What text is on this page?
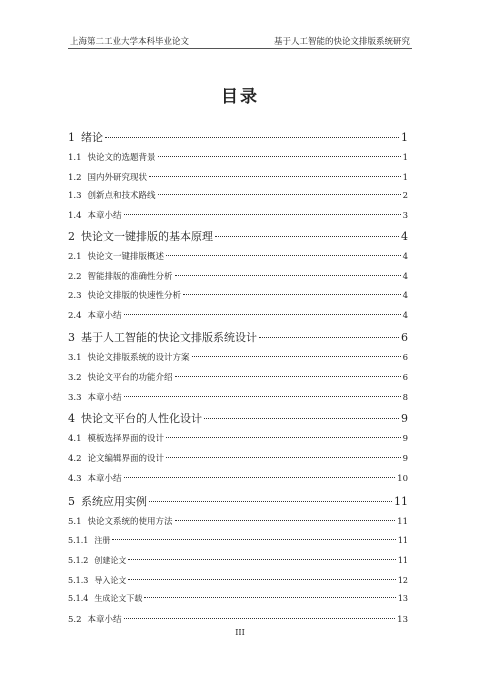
上海第二工业大学本科毕业论文	基于人工智能的快论文排版系统研究
目录
1 绪论	1
1.1 快论文的选题背景	1
1.2 国内外研究现状	1
1.3 创新点和技术路线	2
1.4 本章小结	3
2 快论文一键排版的基本原理	4
2.1 快论文一键排版概述	4
2.2 智能排版的准确性分析	4
2.3 快论文排版的快速性分析	4
2.4 本章小结	4
3 基于人工智能的快论文排版系统设计	6
3.1 快论文排版系统的设计方案	6
3.2 快论文平台的功能介绍	6
3.3 本章小结	8
4 快论文平台的人性化设计	9
4.1 模板选择界面的设计	9
4.2 论文编辑界面的设计	9
4.3 本章小结	10
5 系统应用实例	11
5.1 快论文系统的使用方法	11
5.1.1 注册	11
5.1.2 创建论文	11
5.1.3 导入论文	12
5.1.4 生成论文下载	13
5.2 本章小结	13
III
